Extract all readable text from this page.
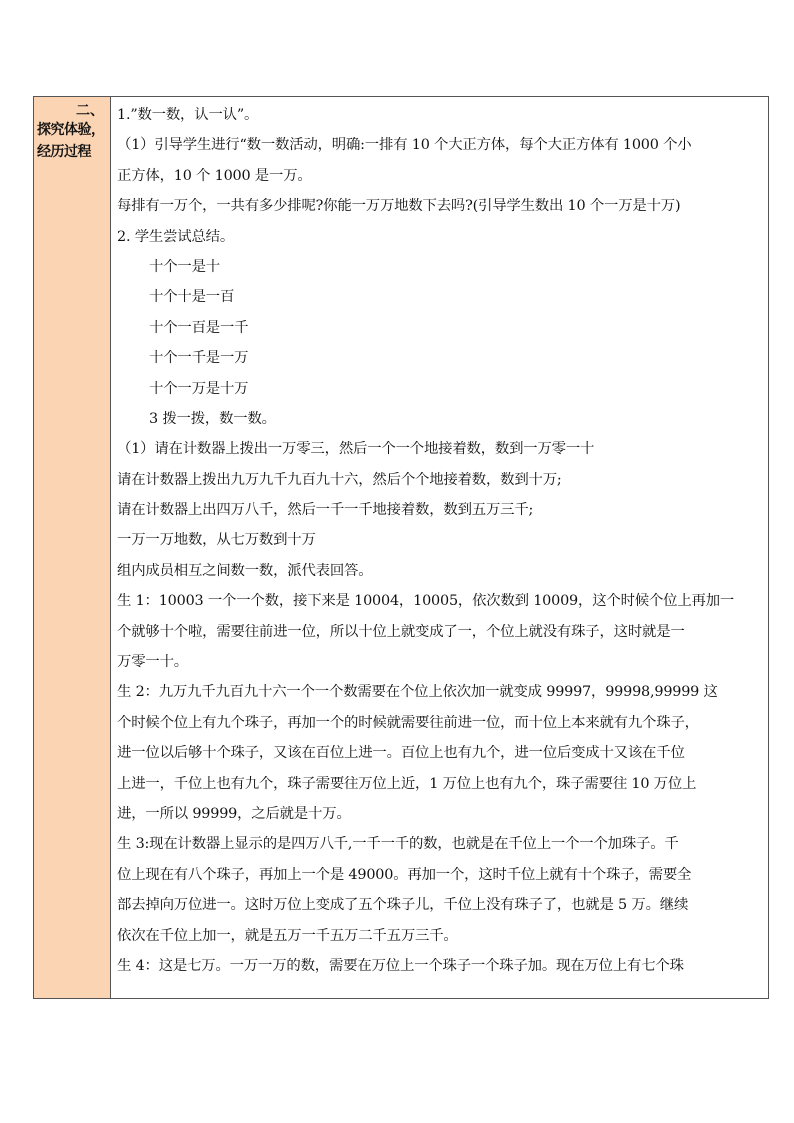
二、
探究体验，
经历过程
1.”数一数，认一认”。
（1）引导学生进行“数一数活动，明确:一排有 10 个大正方体，每个大正方体有 1000 个小
正方体，10 个 1000 是一万。
每排有一万个，一共有多少排呢?你能一万万地数下去吗?(引导学生数出 10 个一万是十万)
2. 学生尝试总结。
十个一是十
十个十是一百
十个一百是一千
十个一千是一万
十个一万是十万
3 拨一拨，数一数。
（1）请在计数器上拨出一万零三，然后一个一个地接着数，数到一万零一十
请在计数器上拨出九万九千九百九十六，然后个个地接着数，数到十万;
请在计数器上出四万八千，然后一千一千地接着数，数到五万三千;
一万一万地数，从七万数到十万
组内成员相互之间数一数，派代表回答。
生 1：10003 一个一个数，接下来是 10004，10005，依次数到 10009，这个时候个位上再加一
个就够十个啦，需要往前进一位，所以十位上就变成了一，个位上就没有珠子，这时就是一
万零一十。
生 2：九万九千九百九十六一个一个数需要在个位上依次加一就变成 99997，99998,99999 这
个时候个位上有九个珠子，再加一个的时候就需要往前进一位，而十位上本来就有九个珠子，
进一位以后够十个珠子，又该在百位上进一。百位上也有九个，进一位后变成十又该在千位
上进一，千位上也有九个，珠子需要往万位上近，1 万位上也有九个，珠子需要往 10 万位上
进，一所以 99999，之后就是十万。
生 3:现在计数器上显示的是四万八千,一千一千的数，也就是在千位上一个一个加珠子。千
位上现在有八个珠子，再加上一个是 49000。再加一个，这时千位上就有十个珠子，需要全
部去掉向万位进一。这时万位上变成了五个珠子儿，千位上没有珠子了，也就是 5 万。继续
依次在千位上加一，就是五万一千五万二千五万三千。
生 4：这是七万。一万一万的数，需要在万位上一个珠子一个珠子加。现在万位上有七个珠
